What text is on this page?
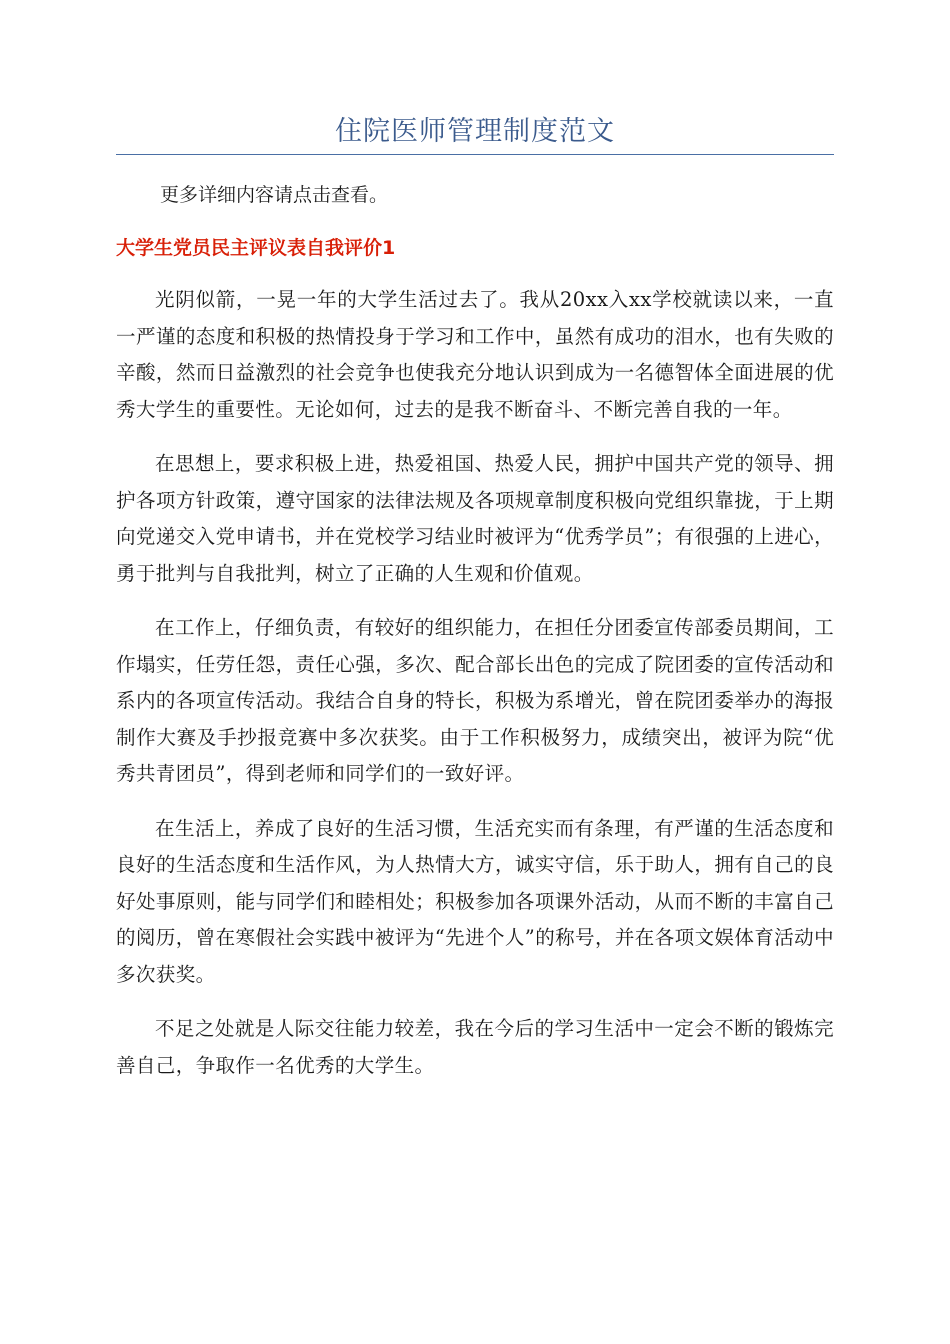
住院医师管理制度范文
更多详细内容请点击查看。
大学生党员民主评议表自我评价1

光阴似箭，一晃一年的大学生活过去了。我从20xx入xx学校就读以来，一直一严谨的态度和积极的热情投身于学习和工作中，虽然有成功的泪水，也有失败的辛酸，然而日益激烈的社会竞争也使我充分地认识到成为一名德智体全面进展的优秀大学生的重要性。无论如何，过去的是我不断奋斗、不断完善自我的一年。

在思想上，要求积极上进，热爱祖国、热爱人民，拥护中国共产党的领导、拥护各项方针政策，遵守国家的法律法规及各项规章制度积极向党组织靠拢，于上期向党递交入党申请书，并在党校学习结业时被评为“优秀学员”；有很强的上进心，勇于批判与自我批判，树立了正确的人生观和价值观。

在工作上，仔细负责，有较好的组织能力，在担任分团委宣传部委员期间，工作塌实，任劳任怨，责任心强，多次、配合部长出色的完成了院团委的宣传活动和系内的各项宣传活动。我结合自身的特长，积极为系增光，曾在院团委举办的海报制作大赛及手抄报竞赛中多次获奖。由于工作积极努力，成绩突出，被评为院“优秀共青团员”，得到老师和同学们的一致好评。

在生活上，养成了良好的生活习惯，生活充实而有条理，有严谨的生活态度和良好的生活态度和生活作风，为人热情大方，诚实守信，乐于助人，拥有自己的良好处事原则，能与同学们和睦相处；积极参加各项课外活动，从而不断的丰富自己的阅历，曾在寒假社会实践中被评为“先进个人”的称号，并在各项文娱体育活动中多次获奖。

不足之处就是人际交往能力较差，我在今后的学习生活中一定会不断的锻炼完善自己，争取作一名优秀的大学生。
